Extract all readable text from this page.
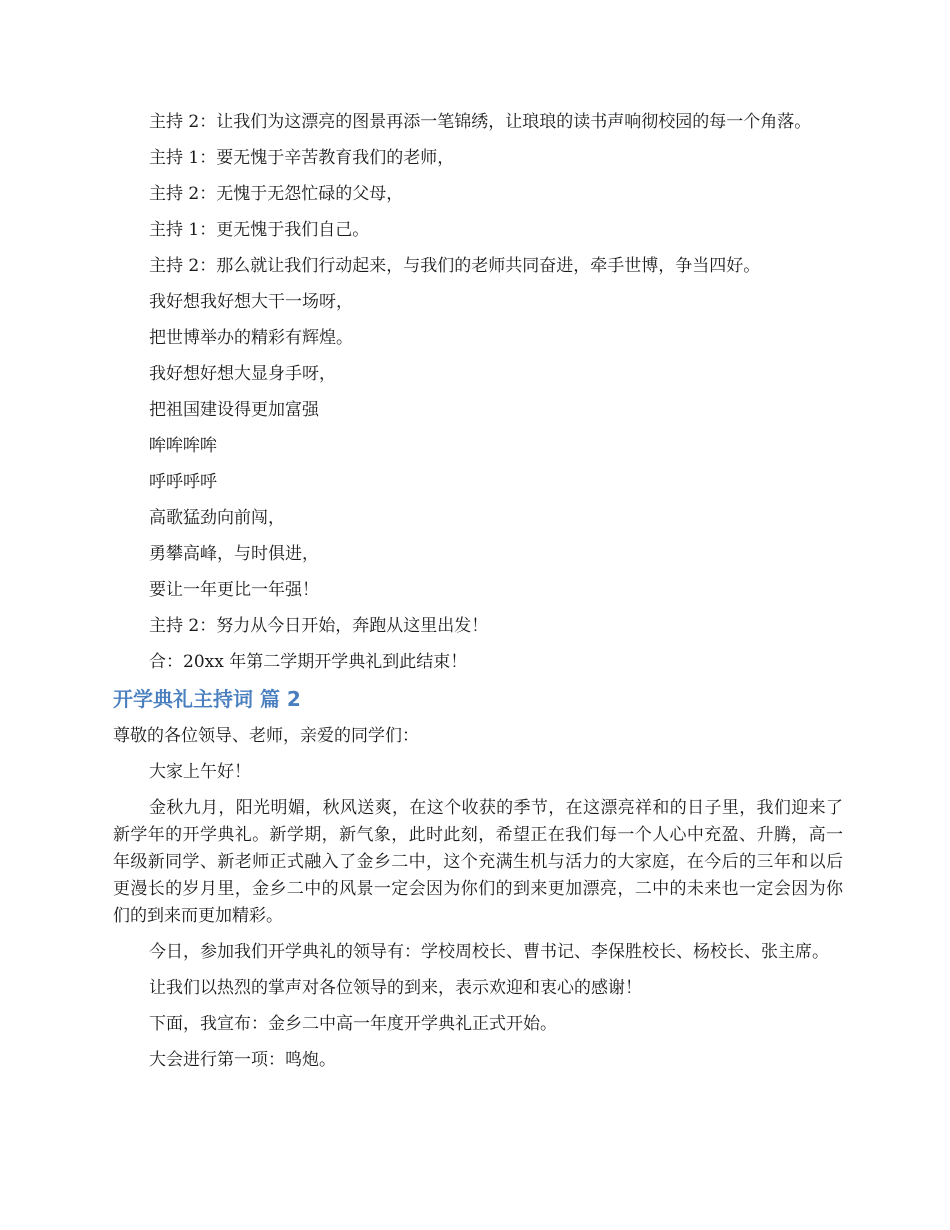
主持 2：让我们为这漂亮的图景再添一笔锦绣，让琅琅的读书声响彻校园的每一个角落。

主持 1：要无愧于辛苦教育我们的老师，

主持 2：无愧于无怨忙碌的父母，

主持 1：更无愧于我们自己。

主持 2：那么就让我们行动起来，与我们的老师共同奋进，牵手世博，争当四好。

我好想我好想大干一场呀，

把世博举办的精彩有辉煌。

我好想好想大显身手呀，

把祖国建设得更加富强

哞哞哞哞

呼呼呼呼

高歌猛劲向前闯，

勇攀高峰，与时俱进，

要让一年更比一年强！

主持 2：努力从今日开始，奔跑从这里出发！

合：20xx 年第二学期开学典礼到此结束！

开学典礼主持词 篇 2

尊敬的各位领导、老师，亲爱的同学们：

大家上午好！

金秋九月，阳光明媚，秋风送爽，在这个收获的季节，在这漂亮祥和的日子里，我们迎来了新学年的开学典礼。新学期，新气象，此时此刻，希望正在我们每一个人心中充盈、升腾，高一年级新同学、新老师正式融入了金乡二中，这个充满生机与活力的大家庭，在今后的三年和以后更漫长的岁月里，金乡二中的风景一定会因为你们的到来更加漂亮，二中的未来也一定会因为你们的到来而更加精彩。

今日，参加我们开学典礼的领导有：学校周校长、曹书记、李保胜校长、杨校长、张主席。

让我们以热烈的掌声对各位领导的到来，表示欢迎和衷心的感谢！

下面，我宣布：金乡二中高一年度开学典礼正式开始。

大会进行第一项：鸣炮。
